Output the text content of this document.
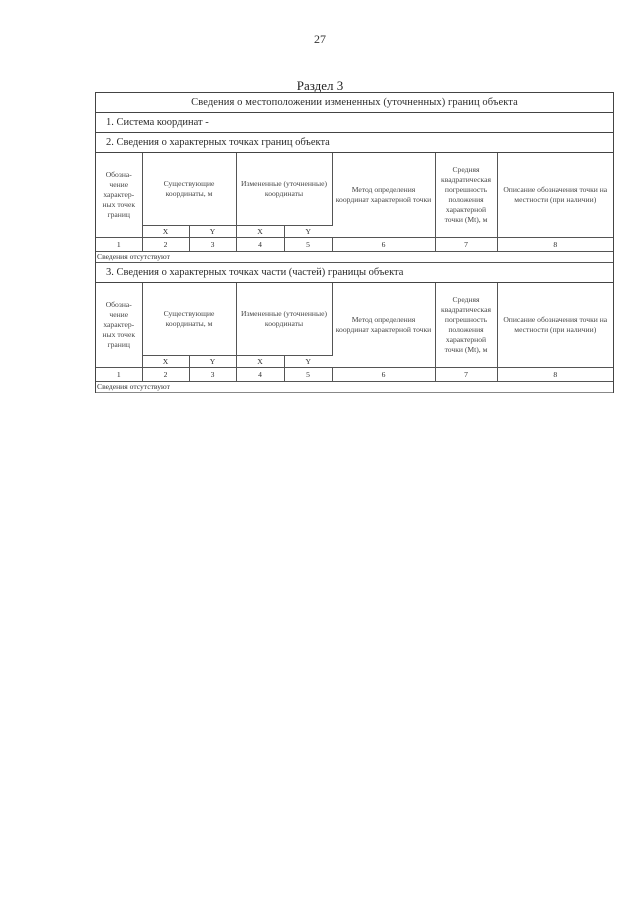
27
Раздел 3
Сведения о местоположении измененных (уточненных) границ объекта
1. Система координат -
2. Сведения о характерных точках границ объекта
Обозна-чение характер-ных точек границ	Существующие координаты, м		Измененные (уточненные) координаты		Метод определения координат характерной точки	Средняя квадратическая погрешность положения характерной точки (Mt), м	Описание обозначения точки на местности (при наличии)
	X	Y	X	Y			
1	2	3	4	5	6	7	8
Сведения отсутствуют
3. Сведения о характерных точках части (частей) границы объекта
Обозна-чение характер-ных точек границ	Существующие координаты, м		Измененные (уточненные) координаты		Метод определения координат характерной точки	Средняя квадратическая погрешность положения характерной точки (Mt), м	Описание обозначения точки на местности (при наличии)
	X	Y	X	Y			
1	2	3	4	5	6	7	8
Сведения отсутствуют
